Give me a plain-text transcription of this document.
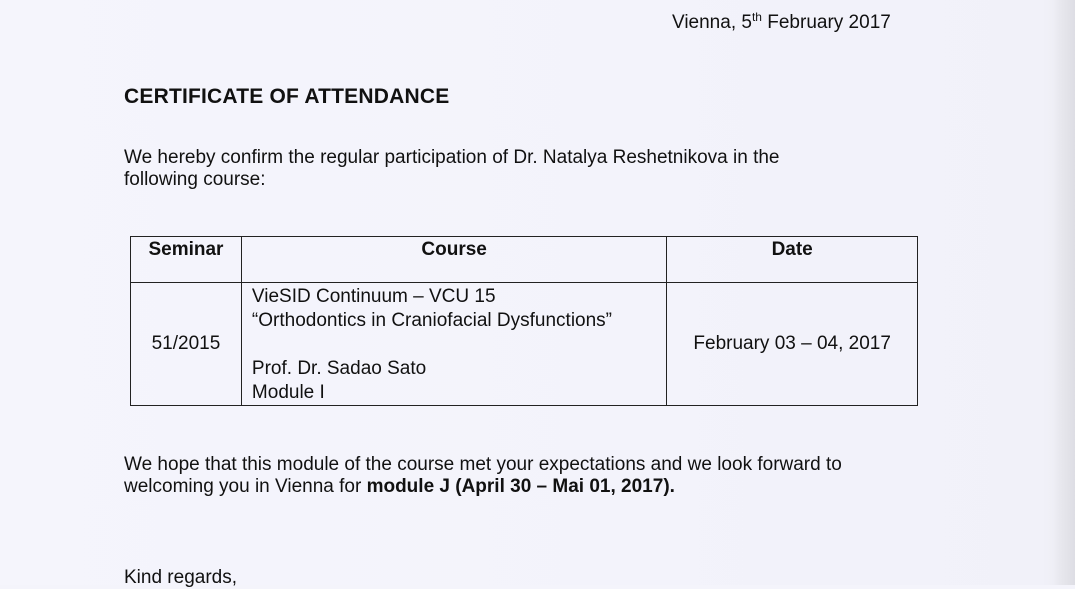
Vienna, 5th February 2017
CERTIFICATE OF ATTENDANCE
We hereby confirm the regular participation of Dr. Natalya Reshetnikova in the
following course:
Seminar	Course	Date
51/2015	VieSID Continuum – VCU 15
“Orthodontics in Craniofacial Dysfunctions”
Prof. Dr. Sadao Sato
Module I	February 03 – 04, 2017
We hope that this module of the course met your expectations and we look forward to
welcoming you in Vienna for module J (April 30 – Mai 01, 2017).
Kind regards,
